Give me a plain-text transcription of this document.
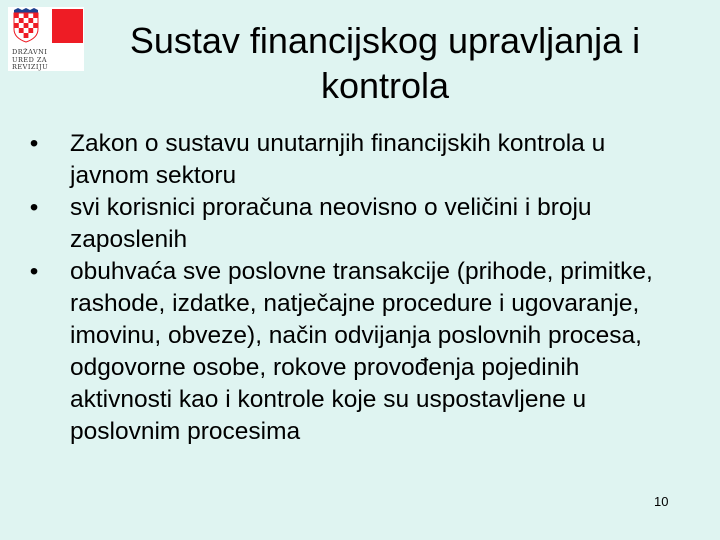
DRŽAVNI
URED ZA
REVIZIJU
Sustav financijskog upravljanja i kontrola
• Zakon o sustavu unutarnjih financijskih kontrola u javnom sektoru
• svi korisnici proračuna neovisno o veličini i broju zaposlenih
• obuhvaća sve poslovne transakcije (prihode, primitke, rashode, izdatke, natječajne procedure i ugovaranje, imovinu, obveze), način odvijanja poslovnih procesa, odgovorne osobe, rokove provođenja pojedinih aktivnosti kao i kontrole koje su uspostavljene u poslovnim procesima
10
